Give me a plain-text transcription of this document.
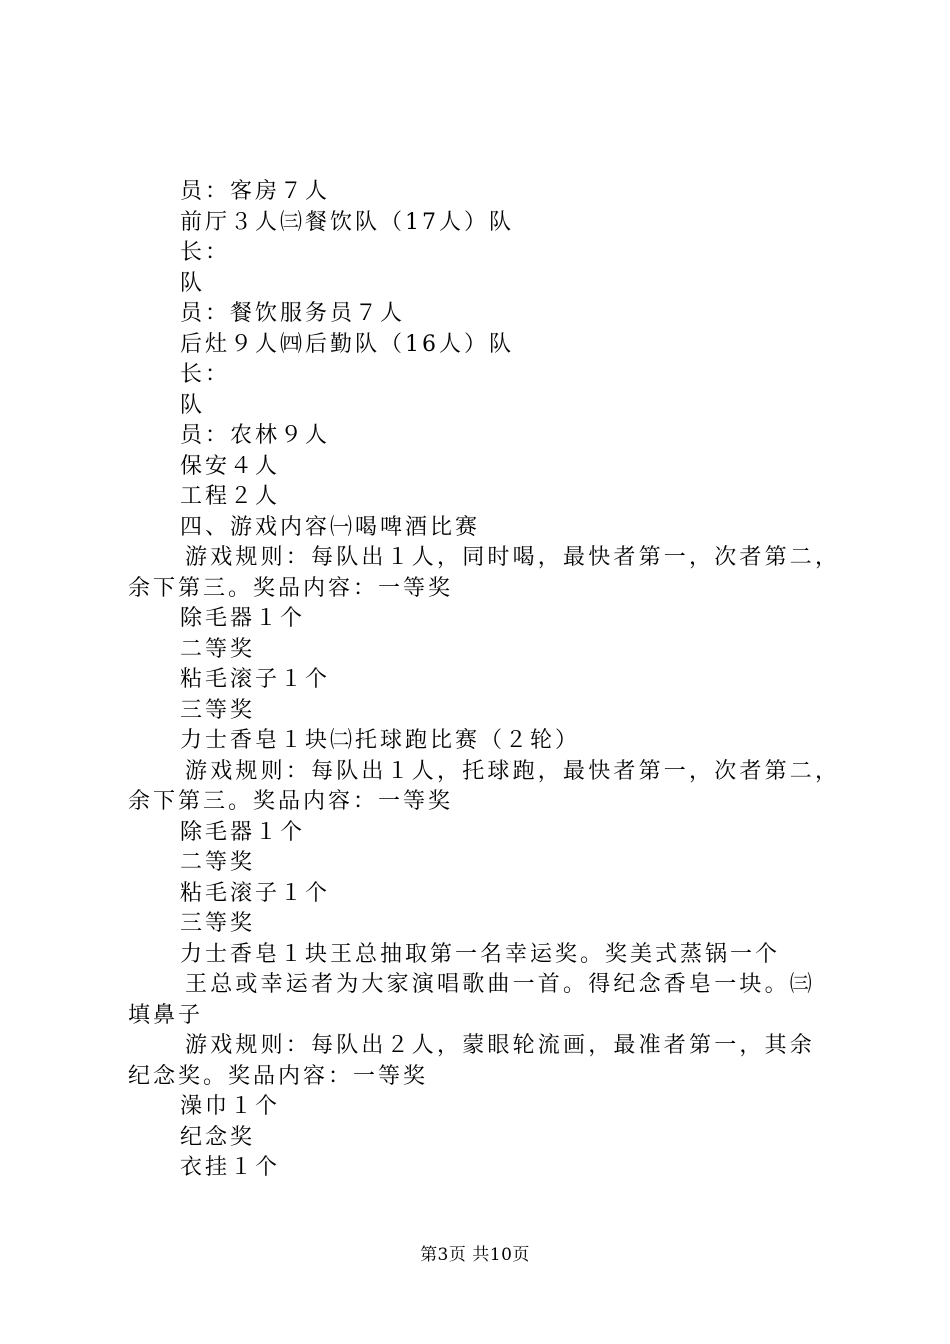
员：客房７人
前厅３人㈢餐饮队（17人）队
长：
队
员：餐饮服务员７人
后灶９人㈣后勤队（16人）队
长：
队
员：农林９人
保安４人
工程２人
四、游戏内容㈠喝啤酒比赛
游戏规则：每队出１人，同时喝，最快者第一，次者第二，
余下第三。奖品内容：一等奖
除毛器１个
二等奖
粘毛滚子１个
三等奖
力士香皂１块㈡托球跑比赛（２轮）
游戏规则：每队出１人，托球跑，最快者第一，次者第二，
余下第三。奖品内容：一等奖
除毛器１个
二等奖
粘毛滚子１个
三等奖
力士香皂１块王总抽取第一名幸运奖。奖美式蒸锅一个
王总或幸运者为大家演唱歌曲一首。得纪念香皂一块。㈢
填鼻子
游戏规则：每队出２人，蒙眼轮流画，最准者第一，其余
纪念奖。奖品内容：一等奖
澡巾１个
纪念奖
衣挂１个
第3页 共10页
